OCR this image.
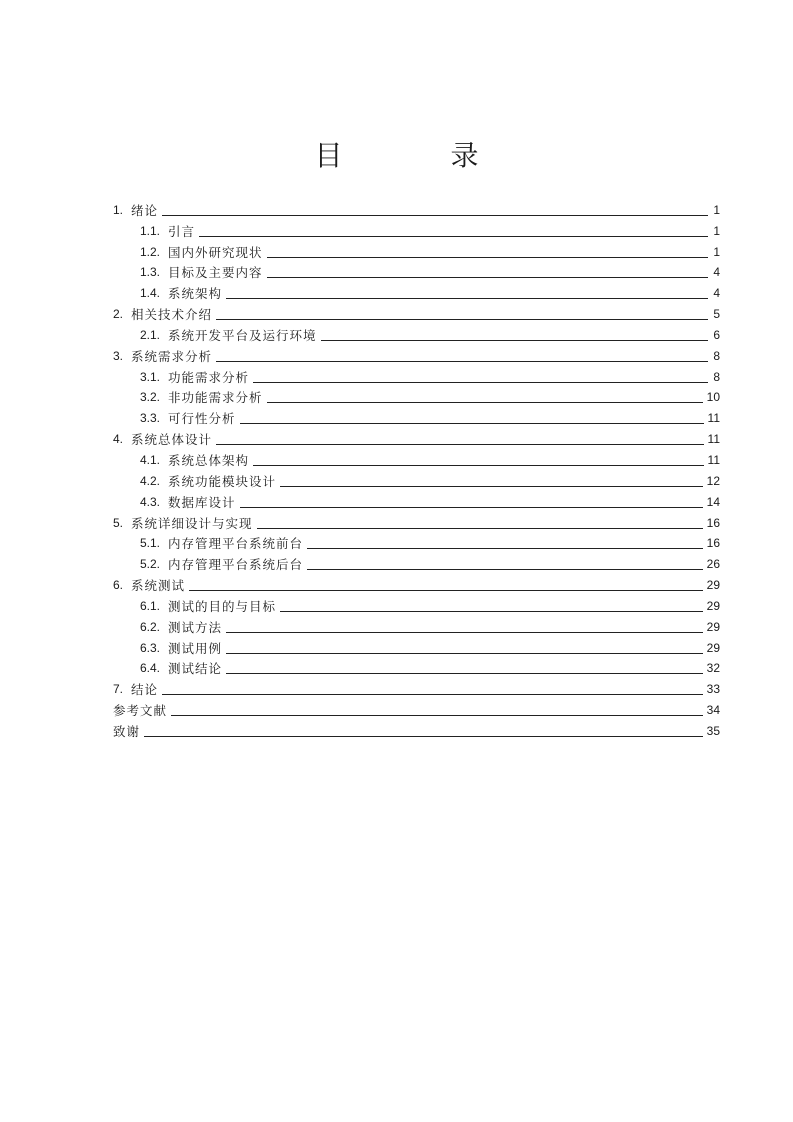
目　录
1. 绪论	1
1.1. 引言	1
1.2. 国内外研究现状	1
1.3. 目标及主要内容	4
1.4. 系统架构	4
2. 相关技术介绍	5
2.1. 系统开发平台及运行环境	6
3. 系统需求分析	8
3.1. 功能需求分析	8
3.2. 非功能需求分析	10
3.3. 可行性分析	11
4. 系统总体设计	11
4.1. 系统总体架构	11
4.2. 系统功能模块设计	12
4.3. 数据库设计	14
5. 系统详细设计与实现	16
5.1. 内存管理平台系统前台	16
5.2. 内存管理平台系统后台	26
6. 系统测试	29
6.1. 测试的目的与目标	29
6.2. 测试方法	29
6.3. 测试用例	29
6.4. 测试结论	32
7. 结论	33
参考文献	34
致谢	35
